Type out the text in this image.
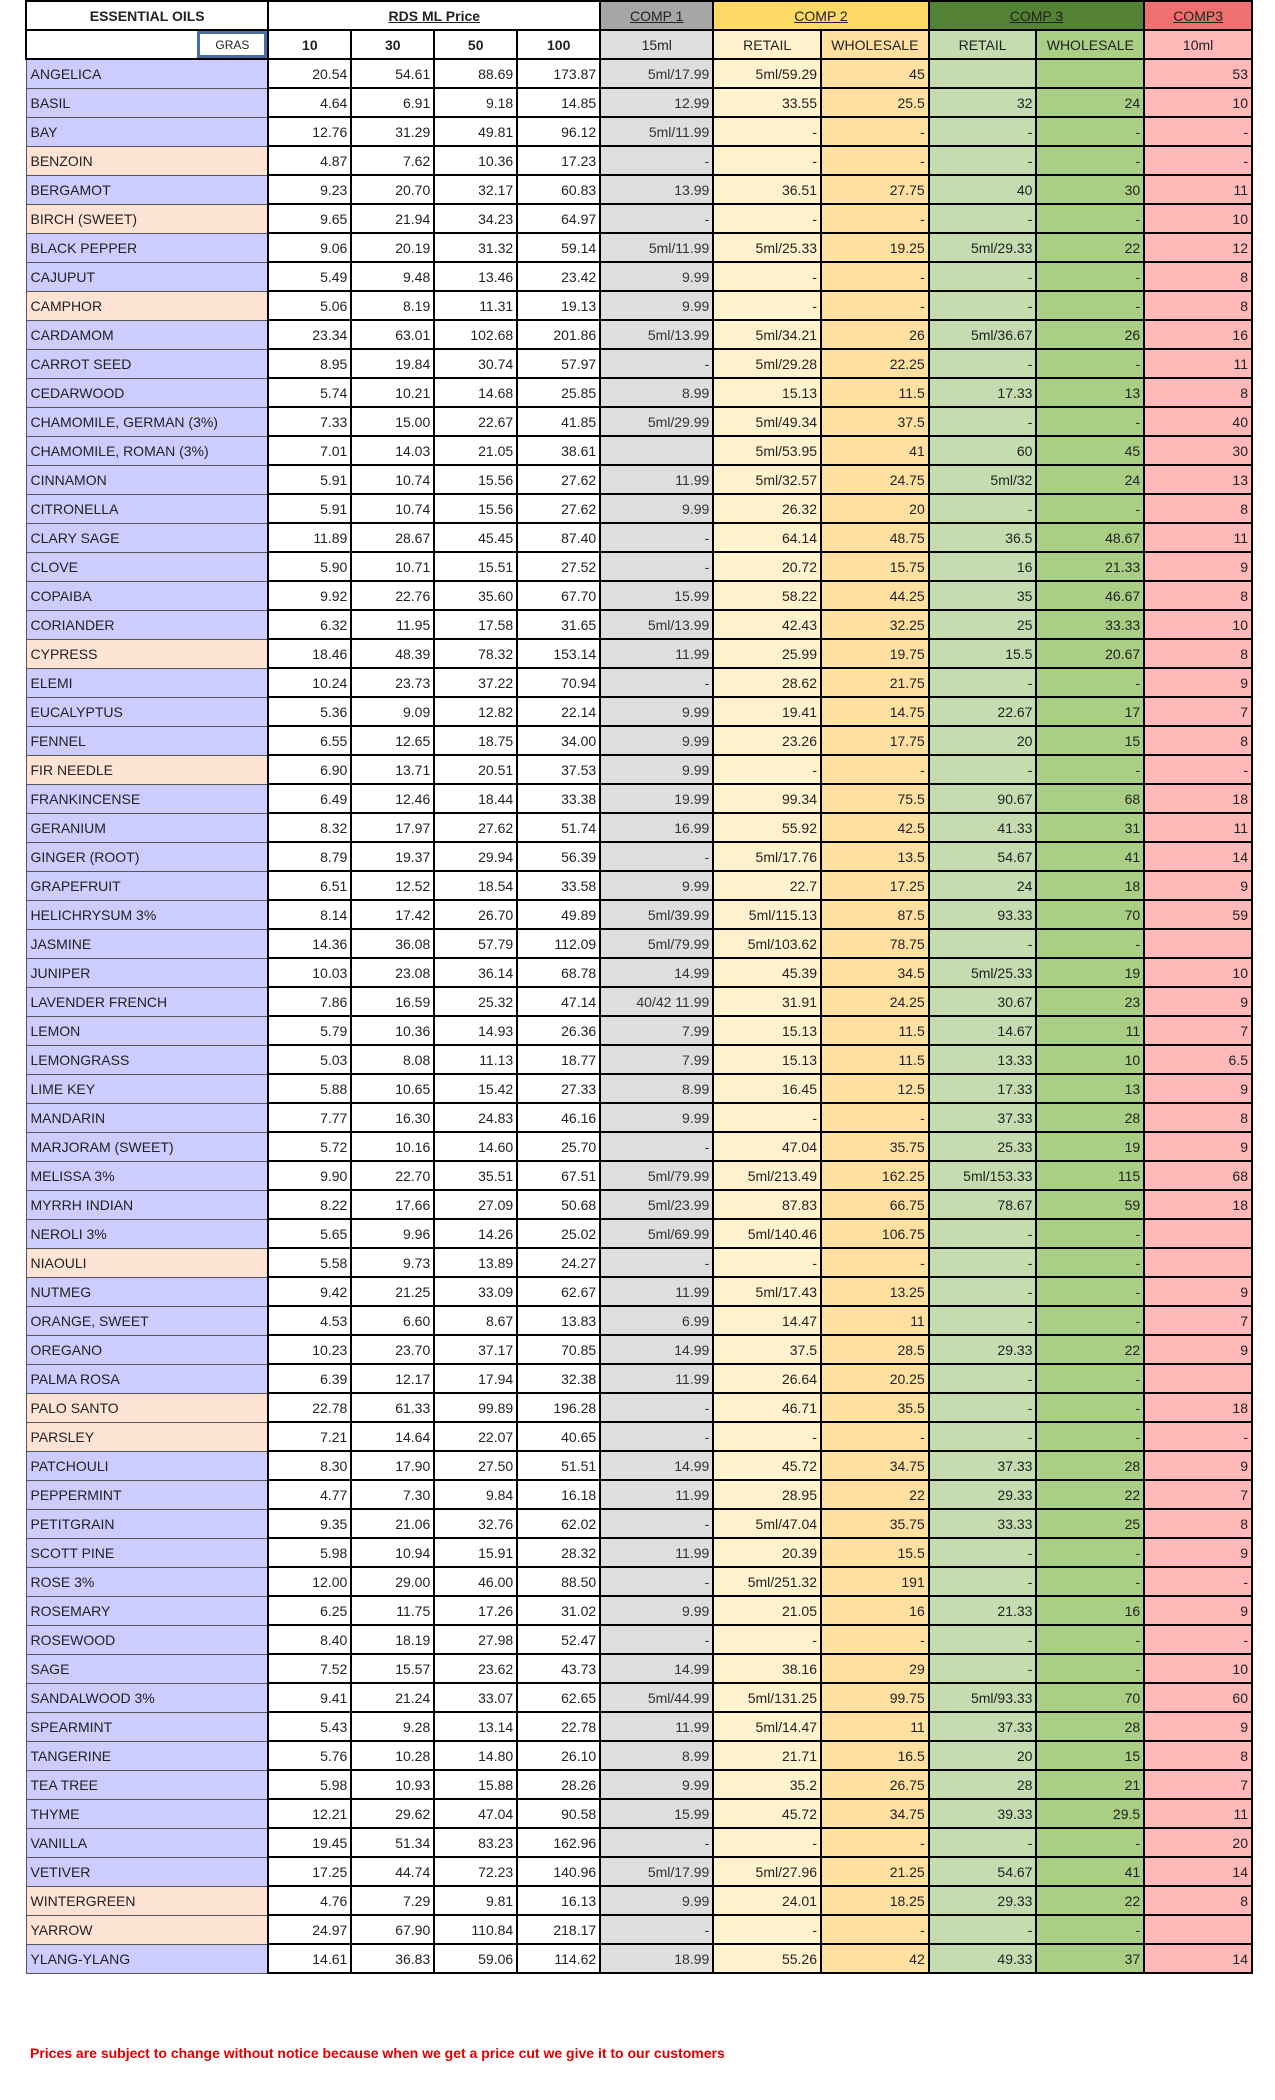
ESSENTIAL OILS	RDS ML Price				COMP 1	COMP 2		COMP 3		COMP3

GRAS	10	30	50	100	15ml	RETAIL	WHOLESALE	RETAIL	WHOLESALE	10ml
ANGELICA	20.54	54.61	88.69	173.87	5ml/17.99	5ml/59.29	45			53
BASIL	4.64	6.91	9.18	14.85	12.99	33.55	25.5	32	24	10
BAY	12.76	31.29	49.81	96.12	5ml/11.99	-	-	-	-	-
BENZOIN	4.87	7.62	10.36	17.23	-	-	-	-	-	-
BERGAMOT	9.23	20.70	32.17	60.83	13.99	36.51	27.75	40	30	11
BIRCH (SWEET)	9.65	21.94	34.23	64.97	-	-	-	-	-	10
BLACK PEPPER	9.06	20.19	31.32	59.14	5ml/11.99	5ml/25.33	19.25	5ml/29.33	22	12
CAJUPUT	5.49	9.48	13.46	23.42	9.99	-	-	-	-	8
CAMPHOR	5.06	8.19	11.31	19.13	9.99	-	-	-	-	8
CARDAMOM	23.34	63.01	102.68	201.86	5ml/13.99	5ml/34.21	26	5ml/36.67	26	16
CARROT SEED	8.95	19.84	30.74	57.97	-	5ml/29.28	22.25	-	-	11
CEDARWOOD	5.74	10.21	14.68	25.85	8.99	15.13	11.5	17.33	13	8
CHAMOMILE, GERMAN (3%)	7.33	15.00	22.67	41.85	5ml/29.99	5ml/49.34	37.5	-	-	40
CHAMOMILE, ROMAN (3%)	7.01	14.03	21.05	38.61		5ml/53.95	41	60	45	30
CINNAMON	5.91	10.74	15.56	27.62	11.99	5ml/32.57	24.75	5ml/32	24	13
CITRONELLA	5.91	10.74	15.56	27.62	9.99	26.32	20	-	-	8
CLARY SAGE	11.89	28.67	45.45	87.40	-	64.14	48.75	36.5	48.67	11
CLOVE	5.90	10.71	15.51	27.52	-	20.72	15.75	16	21.33	9
COPAIBA	9.92	22.76	35.60	67.70	15.99	58.22	44.25	35	46.67	8
CORIANDER	6.32	11.95	17.58	31.65	5ml/13.99	42.43	32.25	25	33.33	10
CYPRESS	18.46	48.39	78.32	153.14	11.99	25.99	19.75	15.5	20.67	8
ELEMI	10.24	23.73	37.22	70.94	-	28.62	21.75	-	-	9
EUCALYPTUS	5.36	9.09	12.82	22.14	9.99	19.41	14.75	22.67	17	7
FENNEL	6.55	12.65	18.75	34.00	9.99	23.26	17.75	20	15	8
FIR NEEDLE	6.90	13.71	20.51	37.53	9.99	-	-	-	-	-
FRANKINCENSE	6.49	12.46	18.44	33.38	19.99	99.34	75.5	90.67	68	18
GERANIUM	8.32	17.97	27.62	51.74	16.99	55.92	42.5	41.33	31	11
GINGER (ROOT)	8.79	19.37	29.94	56.39	-	5ml/17.76	13.5	54.67	41	14
GRAPEFRUIT	6.51	12.52	18.54	33.58	9.99	22.7	17.25	24	18	9
HELICHRYSUM 3%	8.14	17.42	26.70	49.89	5ml/39.99	5ml/115.13	87.5	93.33	70	59
JASMINE	14.36	36.08	57.79	112.09	5ml/79.99	5ml/103.62	78.75	-	-	
JUNIPER	10.03	23.08	36.14	68.78	14.99	45.39	34.5	5ml/25.33	19	10
LAVENDER FRENCH	7.86	16.59	25.32	47.14	40/42 11.99	31.91	24.25	30.67	23	9
LEMON	5.79	10.36	14.93	26.36	7.99	15.13	11.5	14.67	11	7
LEMONGRASS	5.03	8.08	11.13	18.77	7.99	15.13	11.5	13.33	10	6.5
LIME KEY	5.88	10.65	15.42	27.33	8.99	16.45	12.5	17.33	13	9
MANDARIN	7.77	16.30	24.83	46.16	9.99	-	-	37.33	28	8
MARJORAM (SWEET)	5.72	10.16	14.60	25.70	-	47.04	35.75	25.33	19	9
MELISSA 3%	9.90	22.70	35.51	67.51	5ml/79.99	5ml/213.49	162.25	5ml/153.33	115	68
MYRRH INDIAN	8.22	17.66	27.09	50.68	5ml/23.99	87.83	66.75	78.67	59	18
NEROLI 3%	5.65	9.96	14.26	25.02	5ml/69.99	5ml/140.46	106.75	-	-	
NIAOULI	5.58	9.73	13.89	24.27	-	-	-	-	-	
NUTMEG	9.42	21.25	33.09	62.67	11.99	5ml/17.43	13.25	-	-	9
ORANGE, SWEET	4.53	6.60	8.67	13.83	6.99	14.47	11	-	-	7
OREGANO	10.23	23.70	37.17	70.85	14.99	37.5	28.5	29.33	22	9
PALMA ROSA	6.39	12.17	17.94	32.38	11.99	26.64	20.25	-	-	
PALO SANTO	22.78	61.33	99.89	196.28	-	46.71	35.5	-	-	18
PARSLEY	7.21	14.64	22.07	40.65	-	-	-	-	-	-
PATCHOULI	8.30	17.90	27.50	51.51	14.99	45.72	34.75	37.33	28	9
PEPPERMINT	4.77	7.30	9.84	16.18	11.99	28.95	22	29.33	22	7
PETITGRAIN	9.35	21.06	32.76	62.02	-	5ml/47.04	35.75	33.33	25	8
SCOTT PINE	5.98	10.94	15.91	28.32	11.99	20.39	15.5	-	-	9
ROSE 3%	12.00	29.00	46.00	88.50	-	5ml/251.32	191	-	-	-
ROSEMARY	6.25	11.75	17.26	31.02	9.99	21.05	16	21.33	16	9
ROSEWOOD	8.40	18.19	27.98	52.47	-	-	-	-	-	-
SAGE	7.52	15.57	23.62	43.73	14.99	38.16	29	-	-	10
SANDALWOOD 3%	9.41	21.24	33.07	62.65	5ml/44.99	5ml/131.25	99.75	5ml/93.33	70	60
SPEARMINT	5.43	9.28	13.14	22.78	11.99	5ml/14.47	11	37.33	28	9
TANGERINE	5.76	10.28	14.80	26.10	8.99	21.71	16.5	20	15	8
TEA TREE	5.98	10.93	15.88	28.26	9.99	35.2	26.75	28	21	7
THYME	12.21	29.62	47.04	90.58	15.99	45.72	34.75	39.33	29.5	11
VANILLA	19.45	51.34	83.23	162.96	-	-	-	-	-	20
VETIVER	17.25	44.74	72.23	140.96	5ml/17.99	5ml/27.96	21.25	54.67	41	14
WINTERGREEN	4.76	7.29	9.81	16.13	9.99	24.01	18.25	29.33	22	8
YARROW	24.97	67.90	110.84	218.17	-	-	-	-	-	
YLANG-YLANG	14.61	36.83	59.06	114.62	18.99	55.26	42	49.33	37	14
Prices are subject to change without notice because when we get a price cut we give it to our customers
